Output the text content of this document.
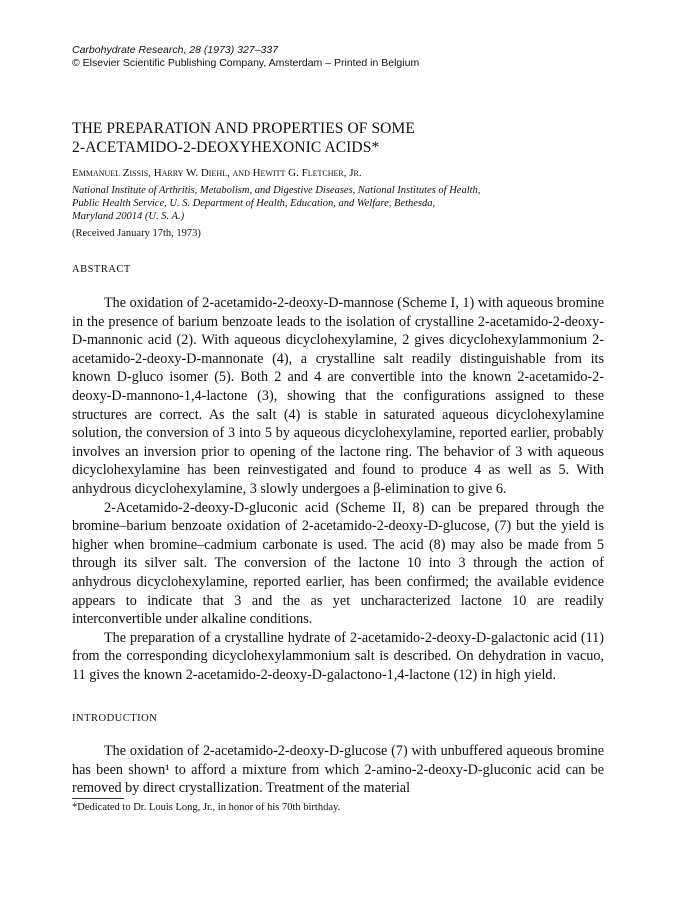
Carbohydrate Research, 28 (1973) 327–337
© Elsevier Scientific Publishing Company, Amsterdam – Printed in Belgium
THE PREPARATION AND PROPERTIES OF SOME
2-ACETAMIDO-2-DEOXYHEXONIC ACIDS*
Emmanuel Zissis, Harry W. Diehl, and Hewitt G. Fletcher, Jr.
National Institute of Arthritis, Metabolism, and Digestive Diseases, National Institutes of Health,
Public Health Service, U. S. Department of Health, Education, and Welfare, Bethesda,
Maryland 20014 (U. S. A.)
(Received January 17th, 1973)
ABSTRACT

The oxidation of 2-acetamido-2-deoxy-D-mannose (Scheme I, 1) with aqueous bromine in the presence of barium benzoate leads to the isolation of crystalline 2-acetamido-2-deoxy-D-mannonic acid (2). With aqueous dicyclohexylamine, 2 gives dicyclohexylammonium 2-acetamido-2-deoxy-D-mannonate (4), a crystalline salt readily distinguishable from its known D-gluco isomer (5). Both 2 and 4 are convertible into the known 2-acetamido-2-deoxy-D-mannono-1,4-lactone (3), showing that the configurations assigned to these structures are correct. As the salt (4) is stable in saturated aqueous dicyclohexylamine solution, the conversion of 3 into 5 by aqueous dicyclohexylamine, reported earlier, probably involves an inversion prior to opening of the lactone ring. The behavior of 3 with aqueous dicyclohexylamine has been reinvestigated and found to produce 4 as well as 5. With anhydrous dicyclohexylamine, 3 slowly undergoes a β-elimination to give 6.

2-Acetamido-2-deoxy-D-gluconic acid (Scheme II, 8) can be prepared through the bromine–barium benzoate oxidation of 2-acetamido-2-deoxy-D-glucose, (7) but the yield is higher when bromine–cadmium carbonate is used. The acid (8) may also be made from 5 through its silver salt. The conversion of the lactone 10 into 3 through the action of anhydrous dicyclohexylamine, reported earlier, has been confirmed; the available evidence appears to indicate that 3 and the as yet uncharacterized lactone 10 are readily interconvertible under alkaline conditions.

The preparation of a crystalline hydrate of 2-acetamido-2-deoxy-D-galactonic acid (11) from the corresponding dicyclohexylammonium salt is described. On dehydration in vacuo, 11 gives the known 2-acetamido-2-deoxy-D-galactono-1,4-lactone (12) in high yield.

INTRODUCTION

The oxidation of 2-acetamido-2-deoxy-D-glucose (7) with unbuffered aqueous bromine has been shown¹ to afford a mixture from which 2-amino-2-deoxy-D-gluconic acid can be removed by direct crystallization. Treatment of the material

*Dedicated to Dr. Louis Long, Jr., in honor of his 70th birthday.
